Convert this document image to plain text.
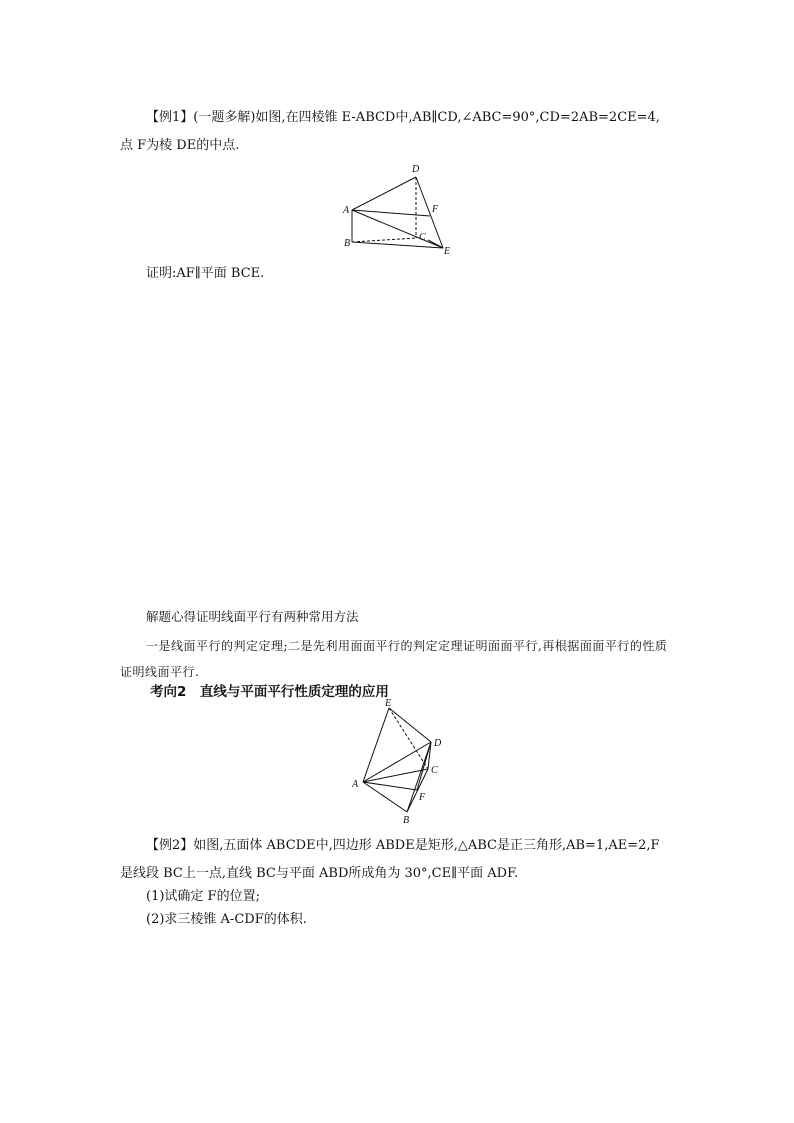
【例1】(一题多解)如图,在四棱锥 E-ABCD中,AB∥CD,∠ABC=90°,CD=2AB=2CE=4,
点 F为棱 DE的中点.
D
A	F
C
B
E
证明:AF∥平面 BCE.
解题心得证明线面平行有两种常用方法
一是线面平行的判定定理;二是先利用面面平行的判定定理证明面面平行,再根据面面平行的性质证明线面平行.
考向2　直线与平面平行性质定理的应用
E
D
C
A
F
B
【例2】如图,五面体 ABCDE中,四边形 ABDE是矩形,△ABC是正三角形,AB=1,AE=2,F
是线段 BC上一点,直线 BC与平面 ABD所成角为 30°,CE∥平面 ADF.
(1)试确定 F的位置;
(2)求三棱锥 A-CDF的体积.
